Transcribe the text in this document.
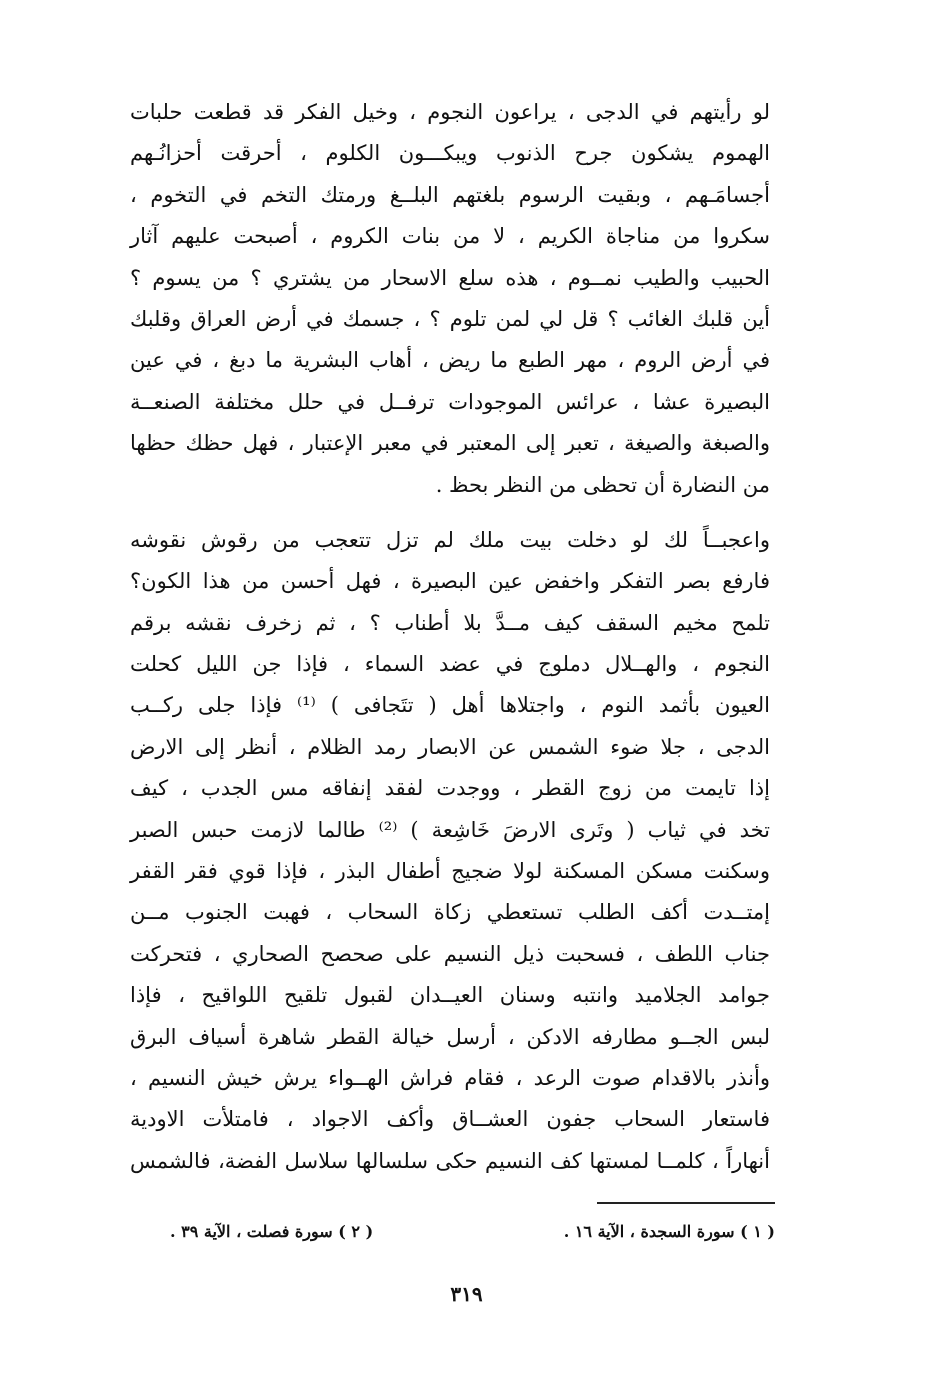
لو رأيتهم في الدجى ، يراعون النجوم ، وخيل الفكر قد قطعت حلبات
الهموم يشكون جرح الذنوب ويبكـــون الكلوم ، أحرقت أحزانُـهم
أجسامَـهم ، وبقيت الرسوم بلغتهم البلــغ ورمتك التخم في التخوم ،
سكروا من مناجاة الكريم ، لا من بنات الكروم ، أصبحت عليهم آثار
الحبيب والطيب نمــوم ، هذه سلع الاسحار من يشتري ؟ من يسوم ؟
أين قلبك الغائب ؟ قل لي لمن تلوم ؟ ، جسمك في أرض العراق وقلبك
في أرض الروم ، مهر الطبع ما ريض ، أهاب البشرية ما دبغ ، في عين
البصيرة عشا ، عرائس الموجودات ترفــل في حلل مختلفة الصنعــة
والصبغة والصيغة ، تعبر إلى المعتبر في معبر الإعتبار ، فهل حظك حظها
من النضارة أن تحظى من النظر بحظ .
واعجبــاً لك لو دخلت بيت ملك لم تزل تتعجب من رقوش نقوشه
فارفع بصر التفكر واخفض عين البصيرة ، فهل أحسن من هذا الكون؟
تلمح مخيم السقف كيف مــدَّ بلا أطناب ؟ ، ثم زخرف نقشه برقم
النجوم ، والهــلال دملوج في عضد السماء ، فإذا جن الليل كحلت
العيون بأثمد النوم ، واجتلاها أهل ( تتَجافى ) ⁽¹⁾ فإذا جلى ركــب
الدجى ، جلا ضوء الشمس عن الابصار رمد الظلام ، أنظر إلى الارض
إذا تايمت من زوج القطر ، ووجدت لفقد إنفاقه مس الجدب ، كيف
تخد في ثياب ( وتَرى الارضَ خَاشِعة ) ⁽²⁾ طالما لازمت حبس الصبر
وسكنت مسكن المسكنة لولا ضجيج أطفال البذر ، فإذا قوي فقر القفر
إمتــدت أكف الطلب تستعطي زكاة السحاب ، فهبت الجنوب مــن
جناب اللطف ، فسحبت ذيل النسيم على صحصح الصحاري ، فتحركت
جوامد الجلاميد وانتبه وسنان العيــدان لقبول تلقيح اللواقيح ، فإذا
لبس الجــو مطارفه الادكن ، أرسل خيالة القطر شاهرة أسياف البرق
وأنذر بالاقدام صوت الرعد ، فقام فراش الهــواء يرش خيش النسيم ،
فاستعار السحاب جفون العشــاق وأكف الاجواد ، فامتلأت الاودية
أنهاراً ، كلمــا لمستها كف النسيم حكى سلسالها سلاسل الفضة، فالشمس
( ١ ) سورة السجدة ، الآية ١٦ .
( ٢ ) سورة فصلت ، الآية ٣٩ .
٣١٩
